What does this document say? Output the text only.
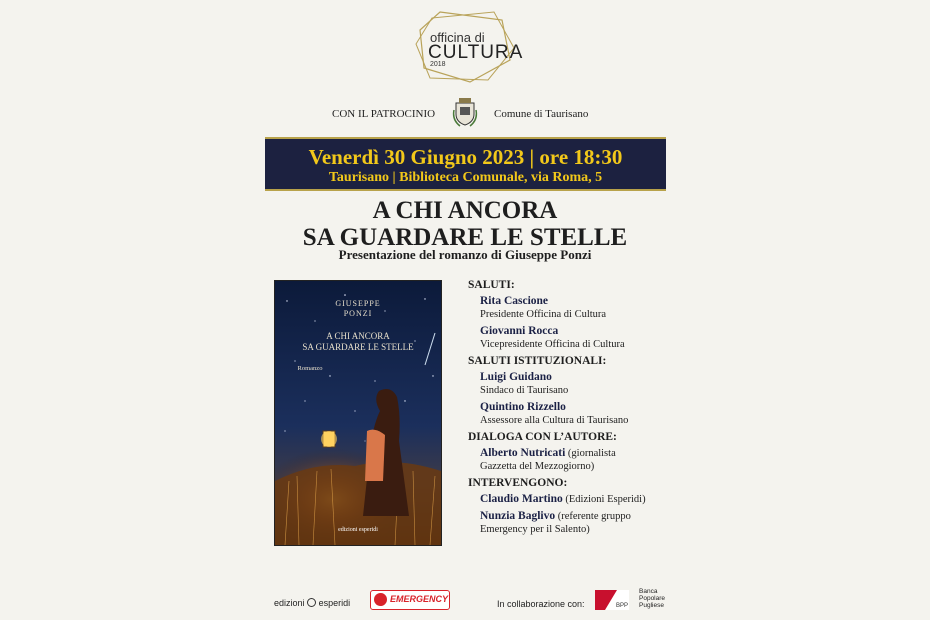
officina di
CULTURA
2018
CON IL PATROCINIO	Comune di Taurisano
Venerdì 30 Giugno 2023 | ore 18:30
Taurisano | Biblioteca Comunale, via Roma, 5
A CHI ANCORA
SA GUARDARE LE STELLE
Presentazione del romanzo di Giuseppe Ponzi
GIUSEPPE
PONZI
A CHI ANCORA
SA GUARDARE LE STELLE
Romanzo
edizioni esperidi
SALUTI:
Rita Cascione
Presidente Officina di Cultura
Giovanni Rocca
Vicepresidente Officina di Cultura
SALUTI ISTITUZIONALI:
Luigi Guidano
Sindaco di Taurisano
Quintino Rizzello
Assessore alla Cultura di Taurisano
DIALOGA CON L’AUTORE:
Alberto Nutricati (giornalista
Gazzetta del Mezzogiorno)
INTERVENGONO:
Claudio Martino (Edizioni Esperidi)
Nunzia Baglivo (referente gruppo
Emergency per il Salento)
edizioni esperidi	EMERGENCY	In collaborazione con:	BPP
Banca
Popolare
Pugliese
